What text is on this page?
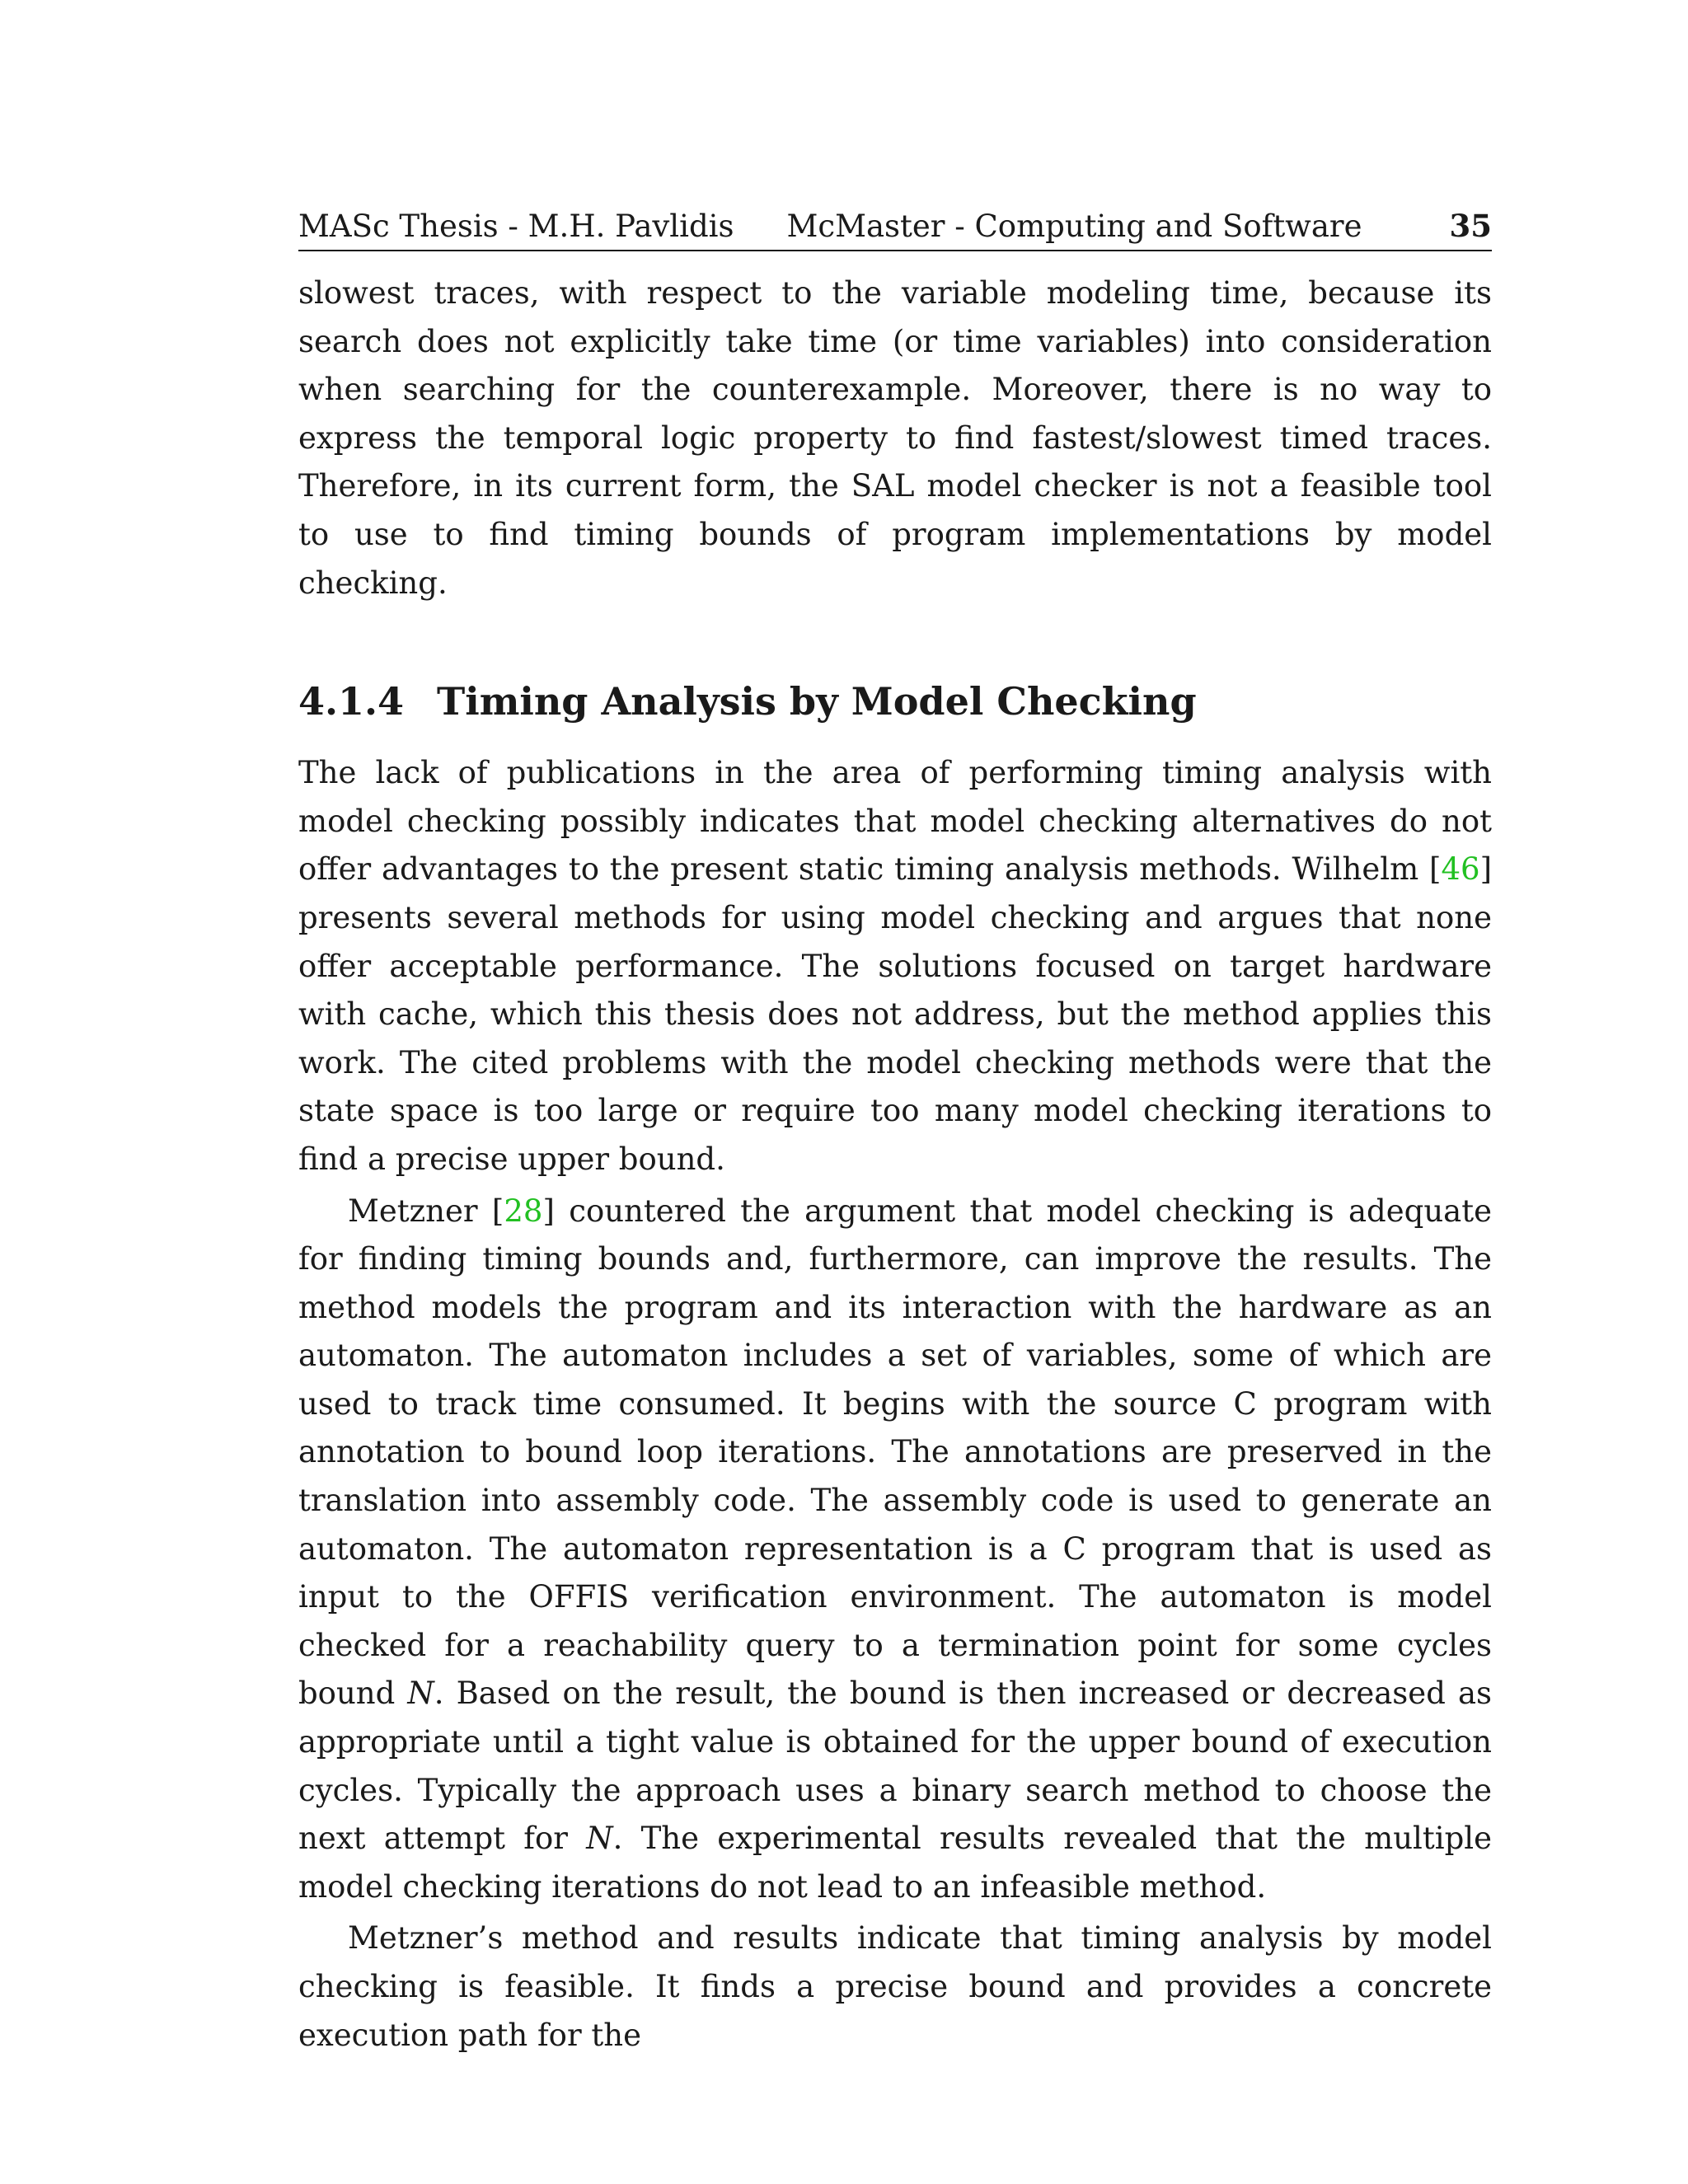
MASc Thesis - M.H. Pavlidis McMaster - Computing and Software	35

slowest traces, with respect to the variable modeling time, because its search does not explicitly take time (or time variables) into consideration when searching for the counterexample. Moreover, there is no way to express the temporal logic property to find fastest/slowest timed traces. Therefore, in its current form, the SAL model checker is not a feasible tool to use to find timing bounds of program implementations by model checking.

4.1.4 Timing Analysis by Model Checking

The lack of publications in the area of performing timing analysis with model checking possibly indicates that model checking alternatives do not offer advantages to the present static timing analysis methods. Wilhelm [46] presents several methods for using model checking and argues that none offer acceptable performance. The solutions focused on target hardware with cache, which this thesis does not address, but the method applies this work. The cited problems with the model checking methods were that the state space is too large or require too many model checking iterations to find a precise upper bound.

Metzner [28] countered the argument that model checking is adequate for finding timing bounds and, furthermore, can improve the results. The method models the program and its interaction with the hardware as an automaton. The automaton includes a set of variables, some of which are used to track time consumed. It begins with the source C program with annotation to bound loop iterations. The annotations are preserved in the translation into assembly code. The assembly code is used to generate an automaton. The automaton representation is a C program that is used as input to the OFFIS verification environment. The automaton is model checked for a reachability query to a termination point for some cycles bound N. Based on the result, the bound is then increased or decreased as appropriate until a tight value is obtained for the upper bound of execution cycles. Typically the approach uses a binary search method to choose the next attempt for N. The experimental results revealed that the multiple model checking iterations do not lead to an infeasible method.

Metzner’s method and results indicate that timing analysis by model checking is feasible. It finds a precise bound and provides a concrete execution path for the
